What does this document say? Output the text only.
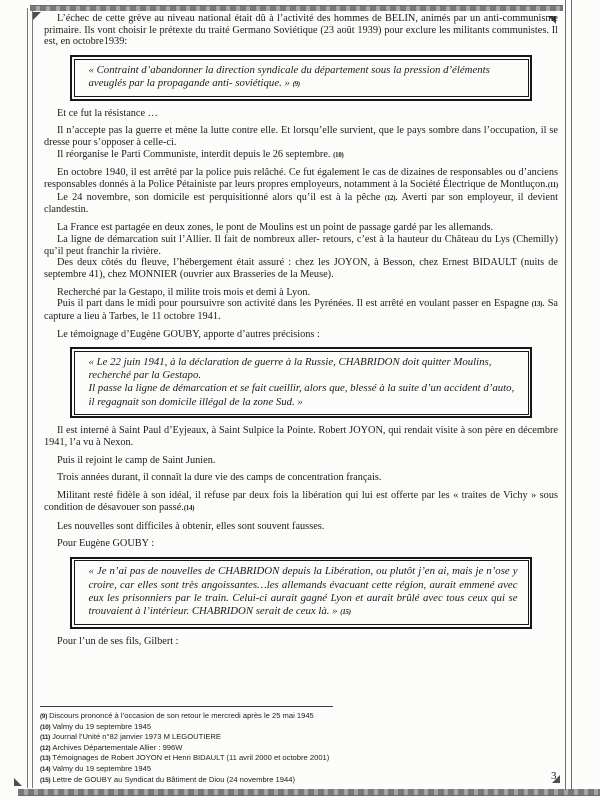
L’échec de cette grève au niveau national était dû à l’activité des hommes de BELIN, animés par un anti-communisme primaire. Ils vont choisir le prétexte du traité Germano Soviétique (23 août 1939) pour exclure les militants communistes. Il est, en octobre1939:

« Contraint d’abandonner la direction syndicale du département sous la pression d’éléments aveuglés par la propagande anti- soviétique. » (9)

Et ce fut la résistance …

Il n’accepte pas la guerre et mène la lutte contre elle. Et lorsqu’elle survient, que le pays sombre dans l’occupation, il se dresse pour s’opposer à celle-ci.

Il réorganise le Parti Communiste, interdit depuis le 26 septembre. (10)

En octobre 1940, il est arrêté par la police puis relâché. Ce fut également le cas de dizaines de responsables ou d’anciens responsables donnés à la Police Pétainiste par leurs propres employeurs, notamment à la Société Électrique de Montluçon.(11)

Le 24 novembre, son domicile est perquisitionné alors qu’il est à la pêche (12). Averti par son employeur, il devient clandestin.

La France est partagée en deux zones, le pont de Moulins est un point de passage gardé par les allemands.

La ligne de démarcation suit l’Allier. Il fait de nombreux aller- retours, c’est à la hauteur du Château du Lys (Chemilly) qu’il peut franchir la rivière.

Des deux côtés du fleuve, l’hébergement était assuré : chez les JOYON, à Besson, chez Ernest BIDAULT (nuits de septembre 41), chez MONNIER (ouvrier aux Brasseries de la Meuse).

Recherché par la Gestapo, il milite trois mois et demi à Lyon.

Puis il part dans le midi pour poursuivre son activité dans les Pyrénées. Il est arrêté en voulant passer en Espagne (13). Sa capture a lieu à Tarbes, le 11 octobre 1941.

Le témoignage d’Eugène GOUBY, apporte d’autres précisions :

« Le 22 juin 1941, à la déclaration de guerre à la Russie, CHABRIDON doit quitter Moulins, recherché par la Gestapo.

Il passe la ligne de démarcation et se fait cueillir, alors que, blessé à la suite d’un accident d’auto, il regagnait son domicile illégal de la zone Sud. »

Il est interné à Saint Paul d’Eyjeaux, à Saint Sulpice la Pointe. Robert JOYON, qui rendait visite à son père en décembre 1941, l’a vu à Nexon.

Puis il rejoint le camp de Saint Junien.

Trois années durant, il connaît la dure vie des camps de concentration français.

Militant resté fidèle à son idéal, il refuse par deux fois la libération qui lui est offerte par les « traites de Vichy » sous condition de désavouer son passé.(14)

Les nouvelles sont difficiles à obtenir, elles sont souvent fausses.

Pour Eugène GOUBY :

« Je n’ai pas de nouvelles de CHABRIDON depuis la Libération, ou plutôt j’en ai, mais je n’ose y croire, car elles sont très angoissantes…les allemands évacuant cette région, aurait emmené avec eux les prisonniers par le train. Celui-ci aurait gagné Lyon et aurait brûlé avec tous ceux qui se trouvaient à l’intérieur. CHABRIDON serait de ceux là. » (15)

Pour l’un de ses fils, Gilbert :

(9) Discours prononcé à l’occasion de son retour le mercredi après le 25 mai 1945
(10) Valmy du 19 septembre 1945
(11) Journal l’Unité n°82 janvier 1973 M LEGOUTIERE
(12) Archives Départementale Allier : 996W
(13) Témoignages de Robert JOYON et Henri BIDAULT (11 avril 2000 et octobre 2001)
(14) Valmy du 19 septembre 1945
(15) Lettre de GOUBY au Syndicat du Bâtiment de Diou (24 novembre 1944)	3
